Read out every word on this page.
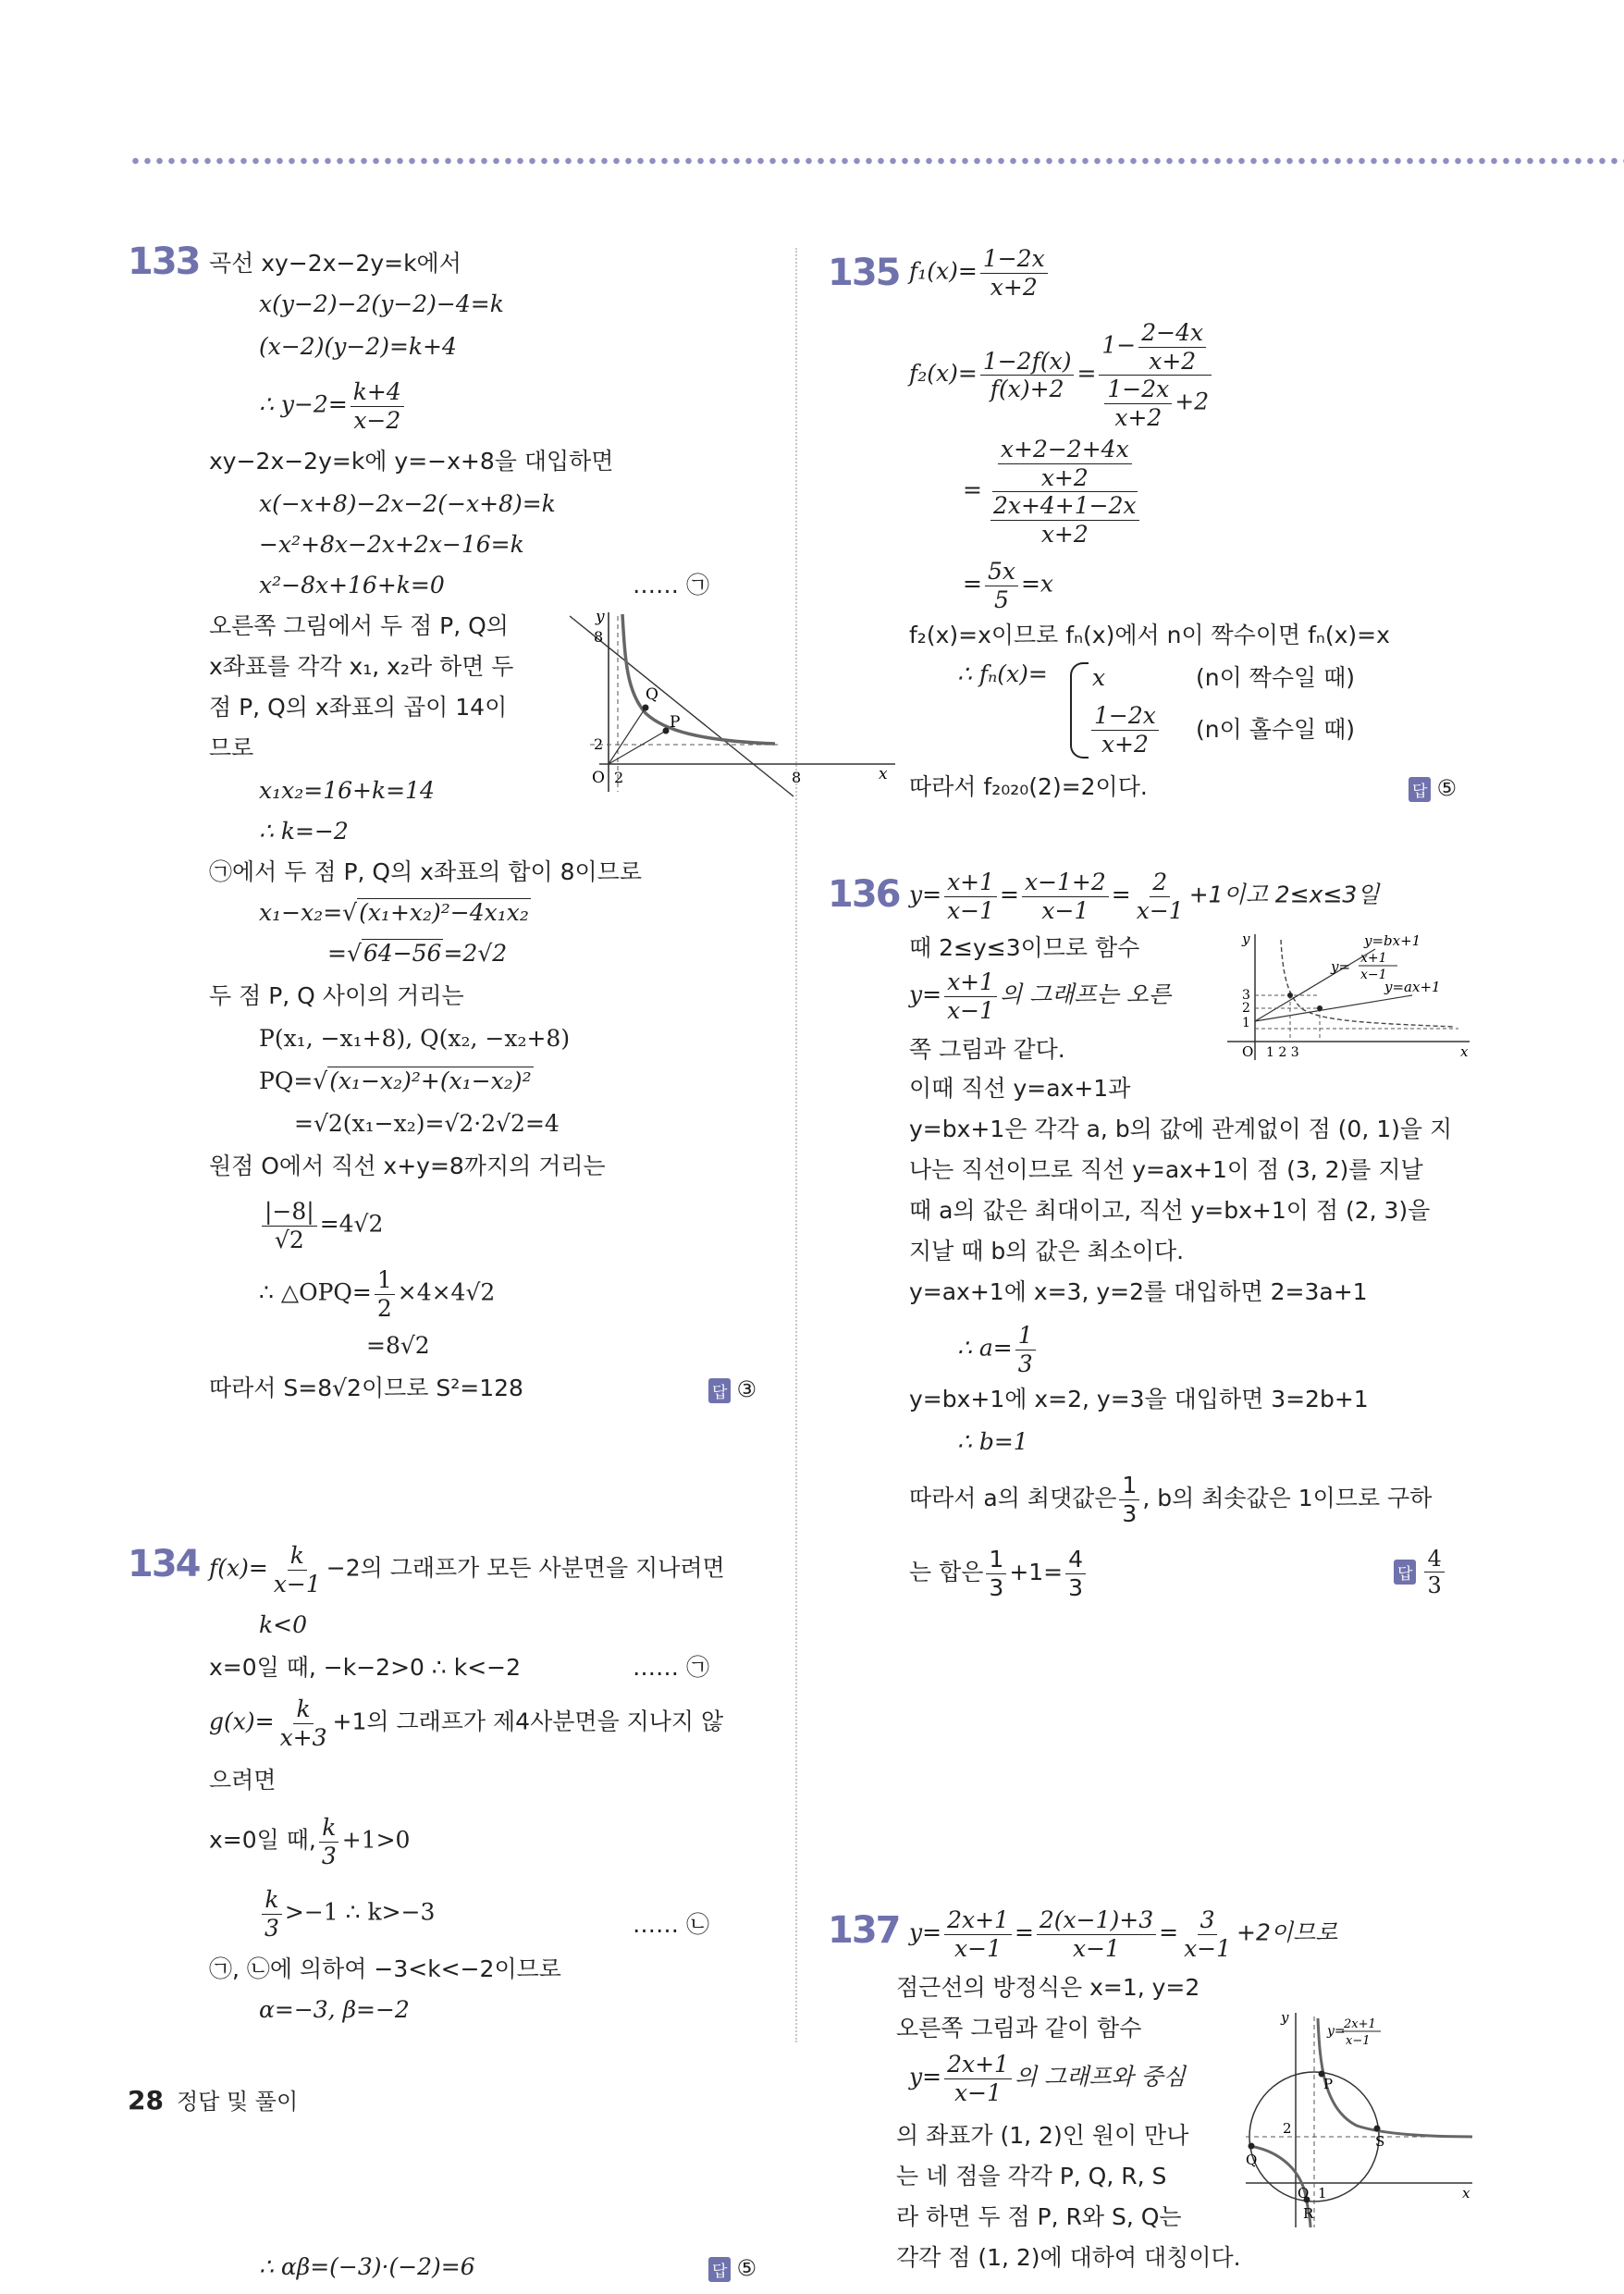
133 곡선 xy−2x−2y=k에서
x(y−2)−2(y−2)−4=k
(x−2)(y−2)=k+4
∴ $y-2= \frac{k+4}{x-2}$
xy−2x−2y=k에 y=−x+8을 대입하면
x(−x+8)−2x−2(−x+8)=k
−x²+8x−2x+2x−16=k
x²−8x+16+k=0	…… ㉠
오른쪽 그림에서 두 점 P, Q의
x좌표를 각각 x₁, x₂라 하면 두
점 P, Q의 x좌표의 곱이 14이
므로
y
x
O
8
2
2	8
Q
P
x₁x₂=16+k=14
∴ k=−2
㉠에서 두 점 P, Q의 x좌표의 합이 8이므로
x₁−x₂=√(x₁+x₂)²−4x₁x₂
=√64−56=2√2
두 점 P, Q 사이의 거리는
P(x₁, −x₁+8), Q(x₂, −x₂+8)
PQ=√(x₁−x₂)²+(x₁−x₂)²
=√2(x₁−x₂)=√2·2√2=4
원점 O에서 직선 x+y=8까지의 거리는
$\frac{|-8|}{√2} =4√2$
∴ △OPQ= $\frac{1}{2} \times 4\times 4√2$
=8√2
따라서 S=8√2이므로 S²=128	답 ③
134 $f(x)= \frac{k}{x-1} -2$의 그래프가 모든 사분면을 지나려면
k<0
x=0일 때, −k−2>0 ∴ k<−2	…… ㉠
$g(x)= \frac{k}{x+3} +1$의 그래프가 제4사분면을 지나지 않
으려면
x=0일 때, $\frac{k}{3} +1>0$
$\frac{k}{3} >-1$ ∴ k>−3	…… ㉡
㉠, ㉡에 의하여 −3<k<−2이므로
α=−3, β=−2
∴ αβ=(−3)·(−2)=6	답 ⑤
135 $f_1(x)= \frac{1-2x}{x+2}$
$f_2(x)= \frac{1-2f(x)}{f(x)+2} = \frac{1- \frac{2-4x}{x+2}}{\frac{1-2x}{x+2} +2}$
= $\frac{\frac{x+2-2+4x}{x+2}}{\frac{2x+4+1-2x}{x+2}}$
= $\frac{5x}{5} =x$
f₂(x)=x이므로 fₙ(x)에서 n이 짝수이면 fₙ(x)=x
∴ fₙ(x)= x	(n이 짝수일 때)
$\frac{1-2x}{x+2} (n$이 홀수일 때)
따라서 f₂₀₂₀(2)=2이다.	답 ⑤
136 $y= \frac{x+1}{x-1} = \frac{x-1+2}{x-1} = \frac{2}{x-1} +1$이고 2≤x≤3일
때 2≤y≤3이므로 함수
$y= \frac{x+1}{x-1}$ 의 그래프는 오른
쪽 그림과 같다.
이때 직선 y=ax+1과
y
x
O
3
2
1
1 2 3
y=bx+1
y= x+1
x−1
y=ax+1
y=bx+1은 각각 a, b의 값에 관계없이 점 (0, 1)을 지
나는 직선이므로 직선 y=ax+1이 점 (3, 2)를 지날
때 a의 값은 최대이고, 직선 y=bx+1이 점 (2, 3)을
지날 때 b의 값은 최소이다.
y=ax+1에 x=3, y=2를 대입하면 2=3a+1
∴ $a= \frac{1}{3}$
y=bx+1에 x=2, y=3을 대입하면 3=2b+1
∴ b=1
따라서 a의 최댓값은 $\frac{1}{3}$ , b의 최솟값은 1이므로 구하
는 합은 $\frac{1}{3} +1= \frac{4}{3}$	답 $\frac{4}{3}$
137 $y= \frac{2x+1}{x-1} = \frac{2(x-1)+3}{x-1} = \frac{3}{x-1} +2$이므로
점근선의 방정식은 x=1, y=2
오른쪽 그림과 같이 함수
$y= \frac{2x+1}{x-1}$ 의 그래프와 중심
의 좌표가 (1, 2)인 원이 만나
는 네 점을 각각 P, Q, R, S
라 하면 두 점 P, R와 S, Q는
각각 점 (1, 2)에 대하여 대칭이다.
y
x
O 1
2
P
S
Q
R
y=
2x+1
x−1
28 정답 및 풀이
